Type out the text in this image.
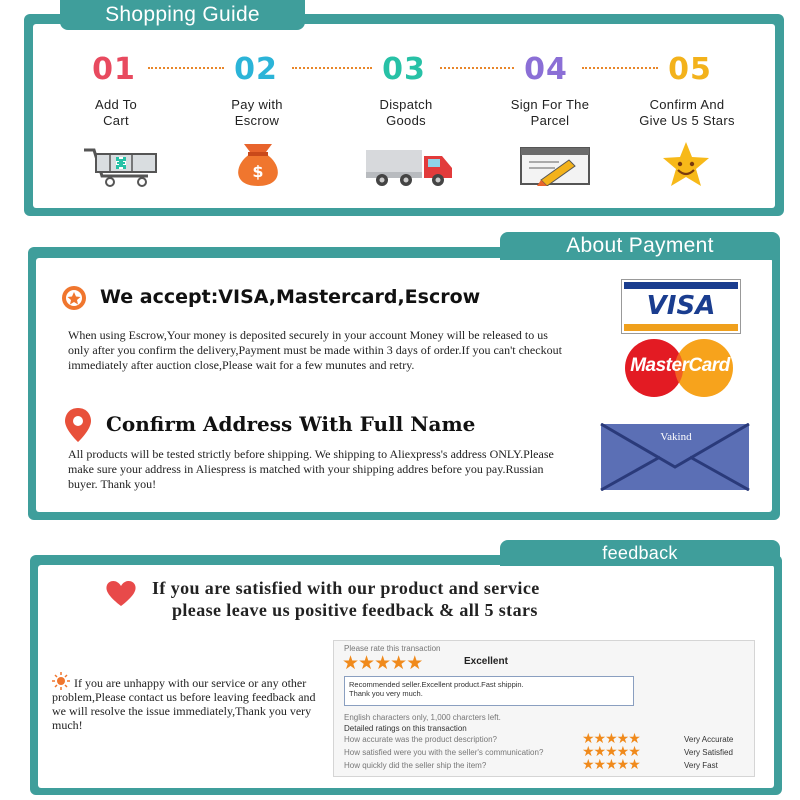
Shopping Guide
01	02	03	04	05
Add To
Cart
Pay with
Escrow
Dispatch
Goods
Sign For The
Parcel
Confirm And
Give Us 5 Stars
$
About Payment
We accept:VISA,Mastercard,Escrow
When using Escrow,Your money is deposited securely in your account Money will be released to us only after you confirm the delivery,Payment must be made within 3 days of order.If you can't checkout immediately after auction close,Please wait for a few munutes and retry.
Confirm Address With Full Name
All products will be tested strictly before shipping. We shipping to Aliexpress's address ONLY.Please make sure your address in Aliespress is matched with your shipping addres before you pay.Russian buyer. Thank you!
VISA
MasterCard
Vakind
feedback
If you are satisfied with our product and service
please leave us positive feedback & all 5 stars
If you are unhappy with our service or any other problem,Please contact us before leaving feedback and we will resolve the issue immediately,Thank you very much!
Please rate this transaction
★★★★★	Excellent
Recommended seller.Excellent product.Fast shippin.
Thank you very much.
English characters only, 1,000 charcters left.
Detailed ratings on this transaction
How accurate was the product description?	★★★★★	Very Accurate
How satisfied were you with the seller's communication?	★★★★★	Very Satisfied
How quickly did the seller ship the item?	★★★★★	Very Fast
